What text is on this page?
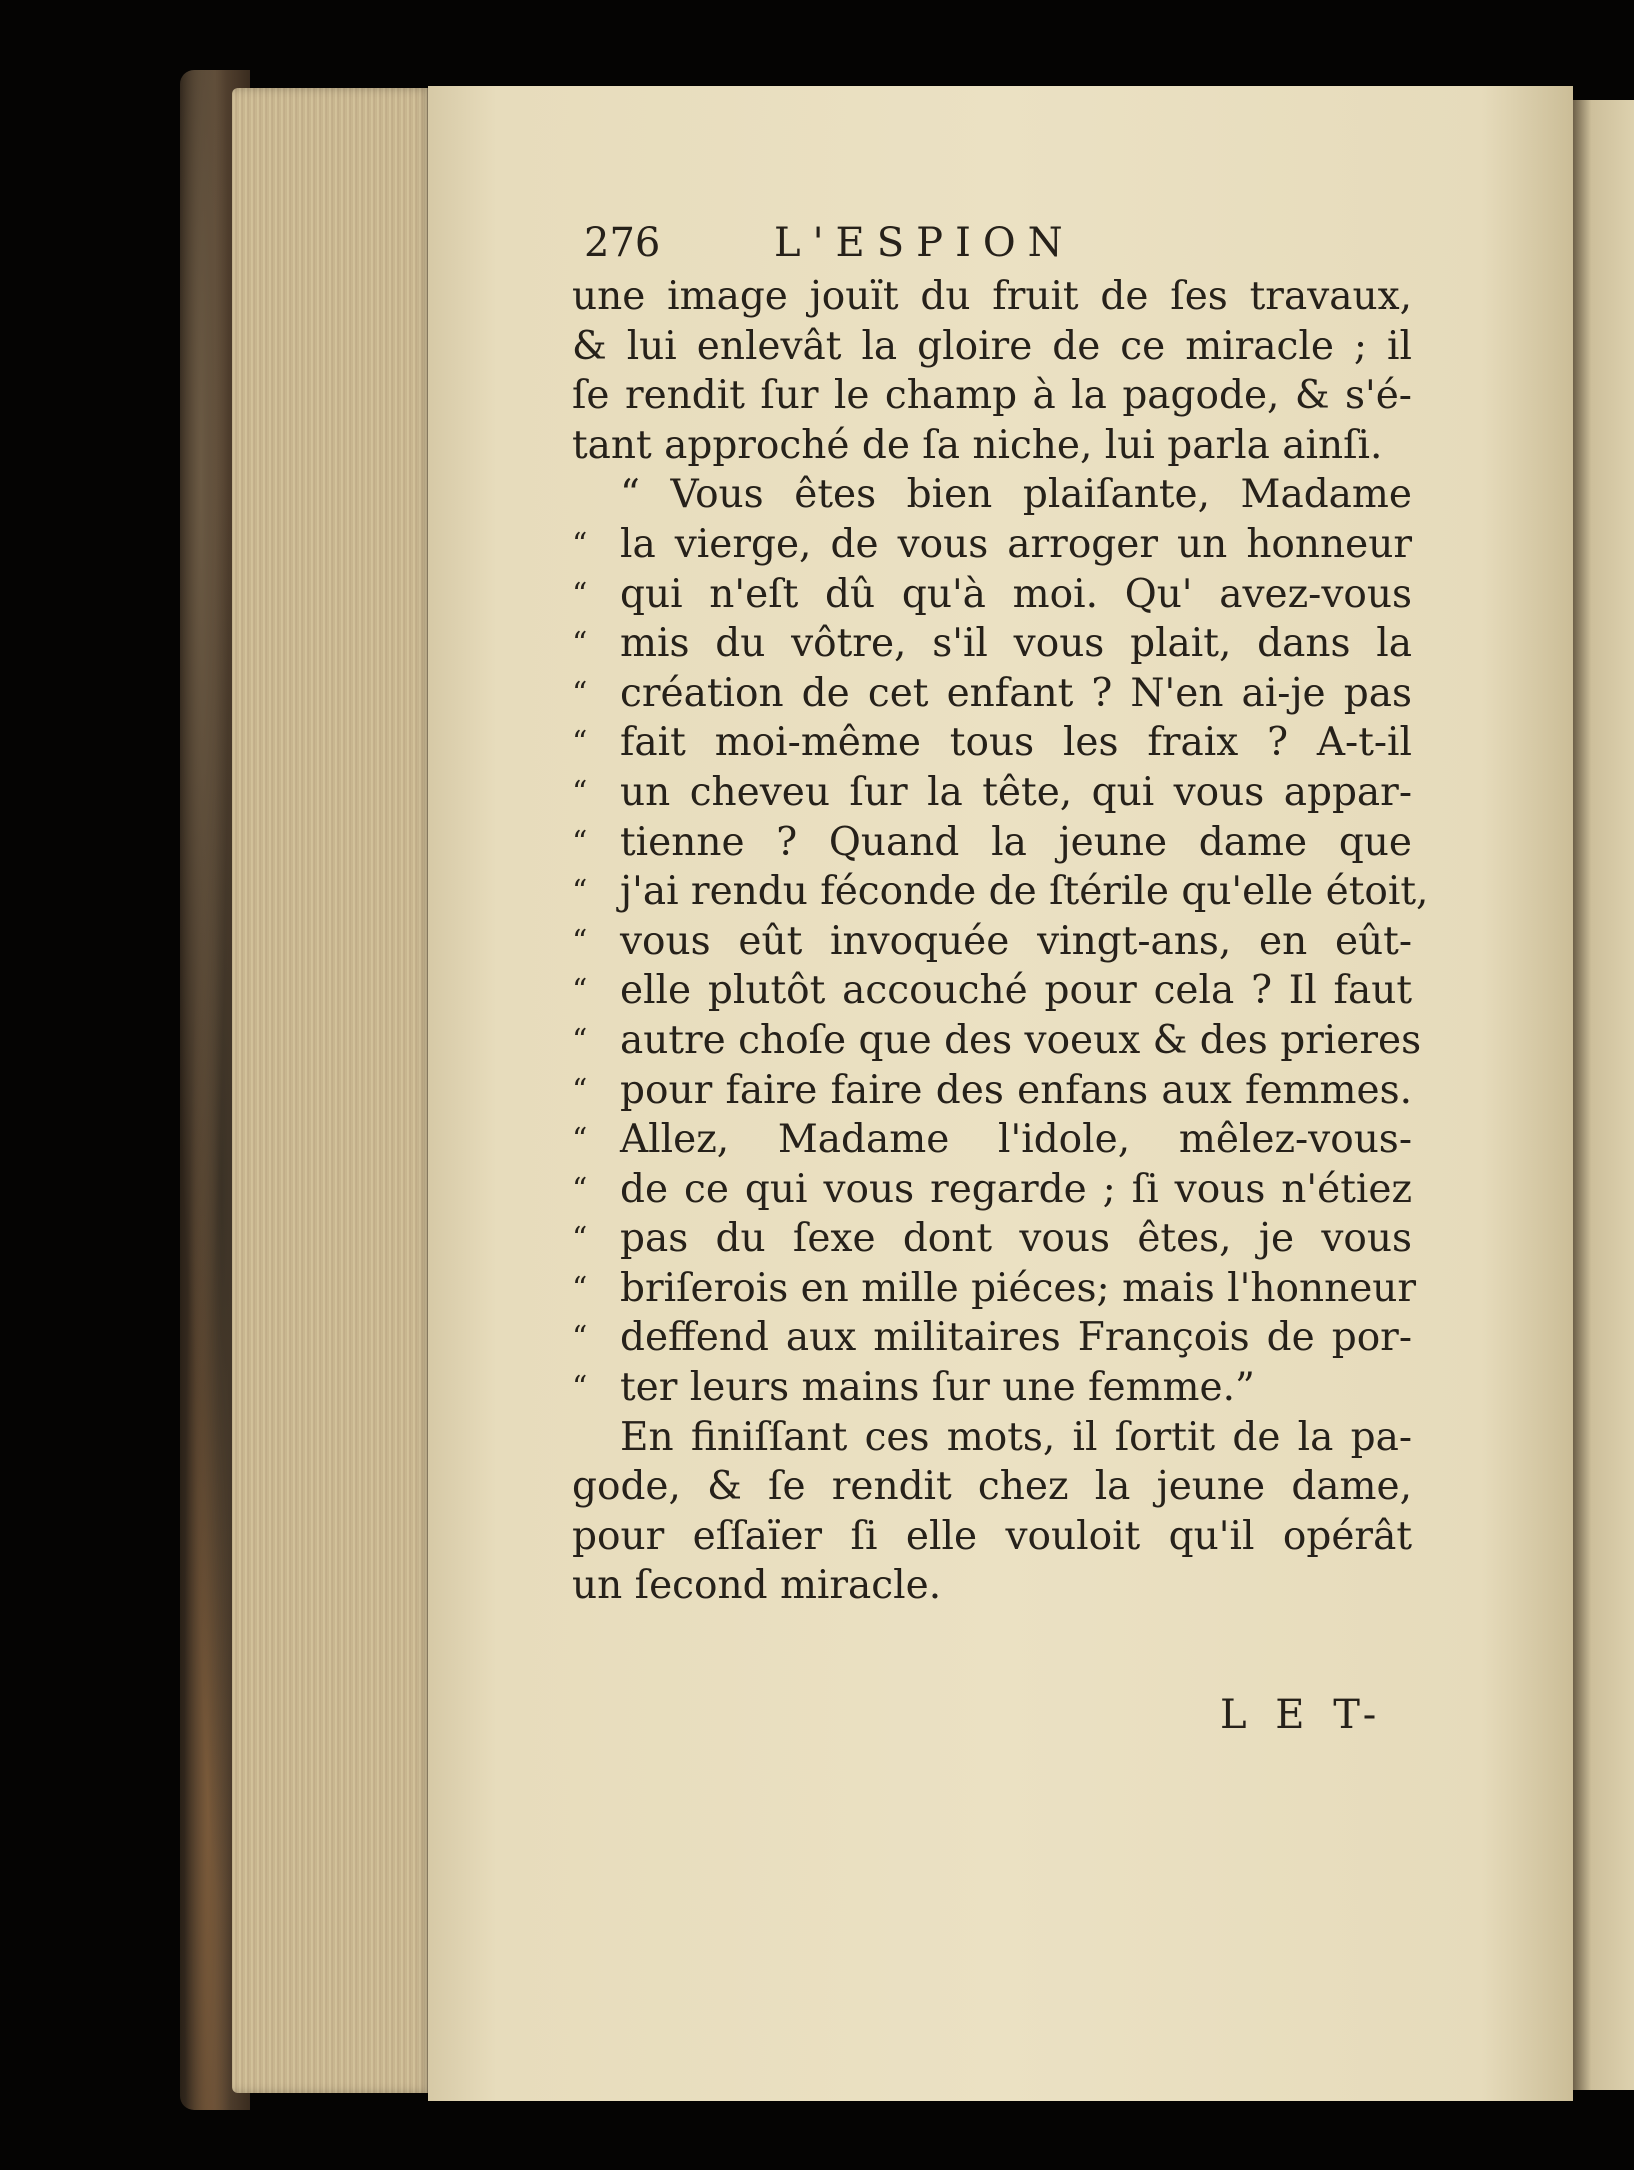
276	L'ESPION
une image jouït du fruit de ſes travaux,
& lui enlevât la gloire de ce miracle ; il
ſe rendit ſur le champ à la pagode, & s'é-
tant approché de ſa niche, lui parla ainſi.
“ Vous êtes bien plaiſante, Madame
“ la vierge, de vous arroger un honneur
“ qui n'eſt dû qu'à moi. Qu' avez-vous
“ mis du vôtre, s'il vous plait, dans la
“ création de cet enfant ? N'en ai-je pas
“ fait moi-même tous les fraix ? A-t-il
“ un cheveu ſur la tête, qui vous appar-
“ tienne ? Quand la jeune dame que
“ j'ai rendu féconde de ſtérile qu'elle étoit,
“ vous eût invoquée vingt-ans, en eût-
“ elle plutôt accouché pour cela ? Il faut
“ autre choſe que des voeux & des prieres
“ pour faire faire des enfans aux femmes.
“ Allez, Madame l'idole, mêlez-vous-
“ de ce qui vous regarde ; ſi vous n'étiez
“ pas du ſexe dont vous êtes, je vous
“ briſerois en mille piéces; mais l'honneur
“ deffend aux militaires François de por-
“ ter leurs mains ſur une femme.”
En finiſſant ces mots, il ſortit de la pa-
gode, & ſe rendit chez la jeune dame,
pour eſſaïer ſi elle vouloit qu'il opérât
un ſecond miracle.
L E T-
